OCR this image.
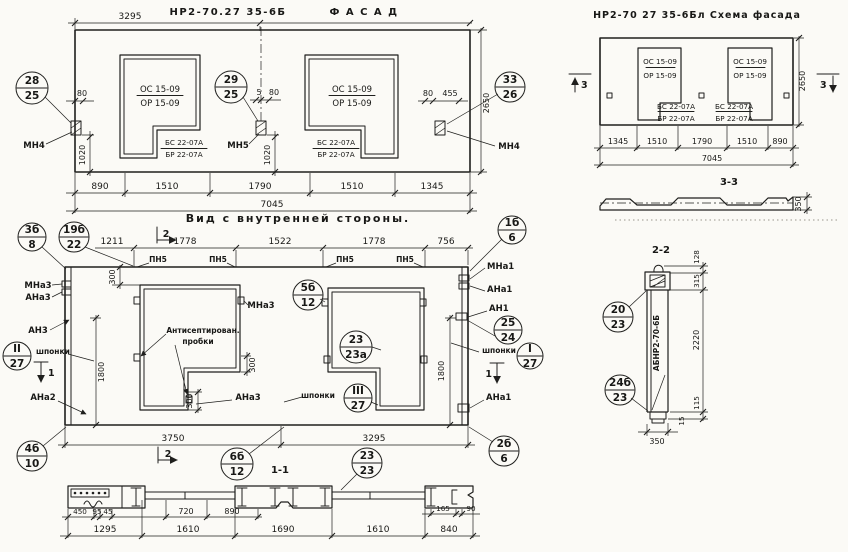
НР2-70.27 35-6Б	Ф А С А Д
ОС 15-09
ОР 15-09
ОС 15-09
ОР 15-09
БС 22-07А
БР 22-07А
БС 22-07А
БР 22-07А
3295
80	5 80	80 455
1020	1020
2650
890	1510	1790	1510	1345
7045
МН4	МН5	МН4
28
25
29
25
33
26
НР2-70 27 35-6Бл Схема фасада
ОС 15-09
ОР 15-09
ОС 15-09
ОР 15-09
БС 22-07А
БР 22-07А
БС 22-07А
БР 22-07А
1345 1510	1790	1510 890
7045
2650
3	3
3-3
350
Вид с внутренней стороны.
1211	1778	1522	1778	756
ПН5	ПН5	ПН5	ПН5
2
2
1	1
МНа3
АНа3
АН3
шпонки
АНа2
Антисептирован.
пробки
МНа3
шпонки
АНа3
МНа1
АНа1
АН1
шпонки
АНа1
300
300
300
1800	1800
3750	3295
3б
8
19б
22
1б
6
5б
12
23
23а
II
27
III
27
I
27
25
24
4б
10
2б
6
6б
12	1-1
23
23
450 95 45	720	890	165 90
1295	1610	1690	1610	840
2-2
АБНР2-70-6Б
128
315
2220
115
15
350
20
23
24б
23
